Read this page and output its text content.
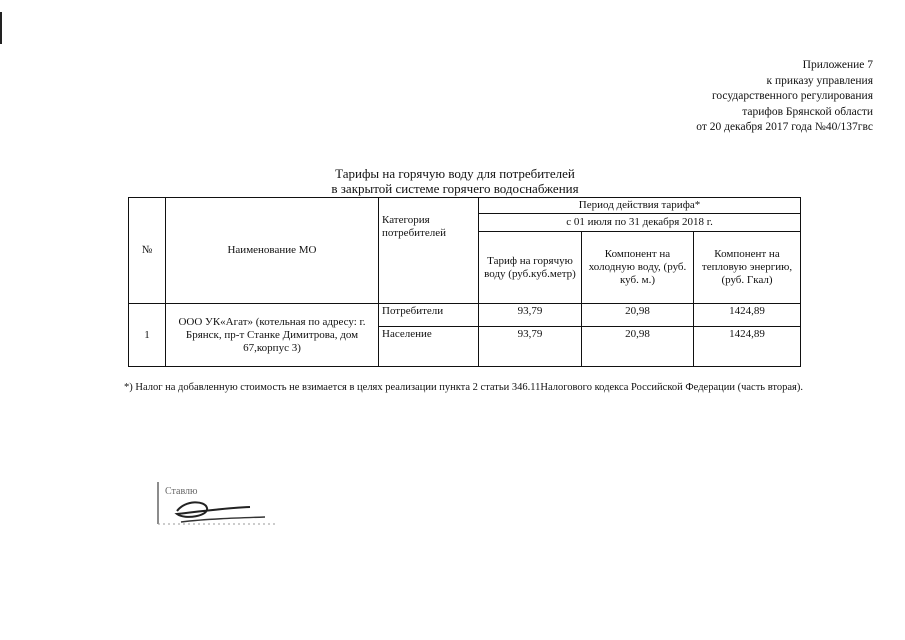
Приложение 7
к приказу управления
государственного регулирования
тарифов Брянской области
от 20 декабря 2017 года №40/137гвс
Тарифы на горячую воду для потребителей
в закрытой системе горячего водоснабжения
№	Наименование МО	Категория потребителей	Период действия тарифа*		
			с 01 июля по 31 декабря 2018 г.		
			Тариф на горячую воду (руб.куб.метр)	Компонент на холодную воду, (руб. куб. м.)	Компонент на тепловую энергию, (руб. Гкал)
1	ООО УК«Агат» (котельная по адресу: г. Брянск, пр-т Станке Димитрова, дом 67,корпус 3)	Потребители	93,79	20,98	1424,89
		Население	93,79	20,98	1424,89
*) Налог на добавленную стоимость не взимается в целях реализации пункта 2 статьи 346.11Налогового кодекса Российской Федерации (часть вторая).
Ставлю
